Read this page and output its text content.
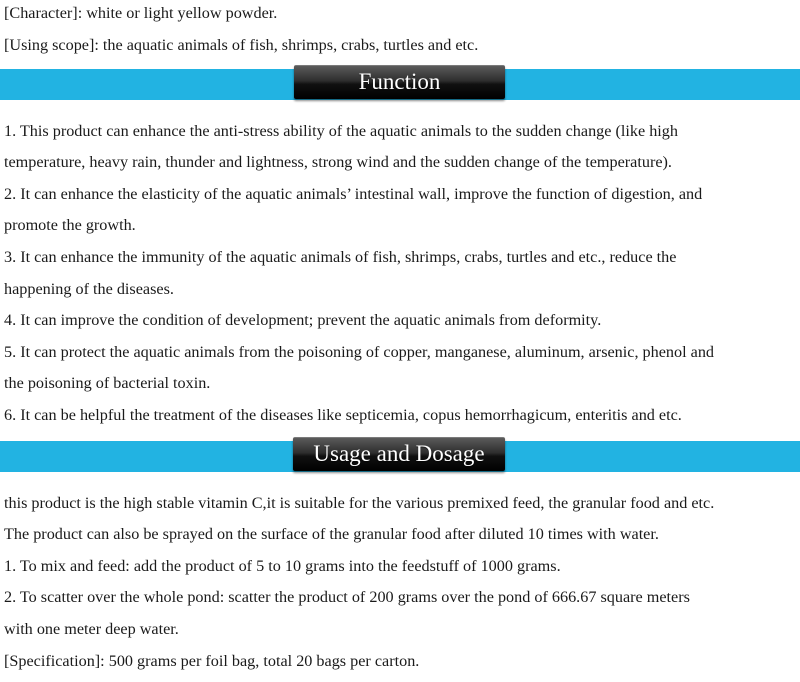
[Character]: white or light yellow powder.

[Using scope]: the aquatic animals of fish, shrimps, crabs, turtles and etc.

Function

1. This product can enhance the anti-stress ability of the aquatic animals to the sudden change (like high

temperature, heavy rain, thunder and lightness, strong wind and the sudden change of the temperature).

2. It can enhance the elasticity of the aquatic animals’ intestinal wall, improve the function of digestion, and

promote the growth.

3. It can enhance the immunity of the aquatic animals of fish, shrimps, crabs, turtles and etc., reduce the

happening of the diseases.

4. It can improve the condition of development; prevent the aquatic animals from deformity.

5. It can protect the aquatic animals from the poisoning of copper, manganese, aluminum, arsenic, phenol and

the poisoning of bacterial toxin.

6. It can be helpful the treatment of the diseases like septicemia, copus hemorrhagicum, enteritis and etc.

Usage and Dosage

this product is the high stable vitamin C,it is suitable for the various premixed feed, the granular food and etc.

The product can also be sprayed on the surface of the granular food after diluted 10 times with water.

1. To mix and feed: add the product of 5 to 10 grams into the feedstuff of 1000 grams.

2. To scatter over the whole pond: scatter the product of 200 grams over the pond of 666.67 square meters

with one meter deep water.

[Specification]: 500 grams per foil bag, total 20 bags per carton.
